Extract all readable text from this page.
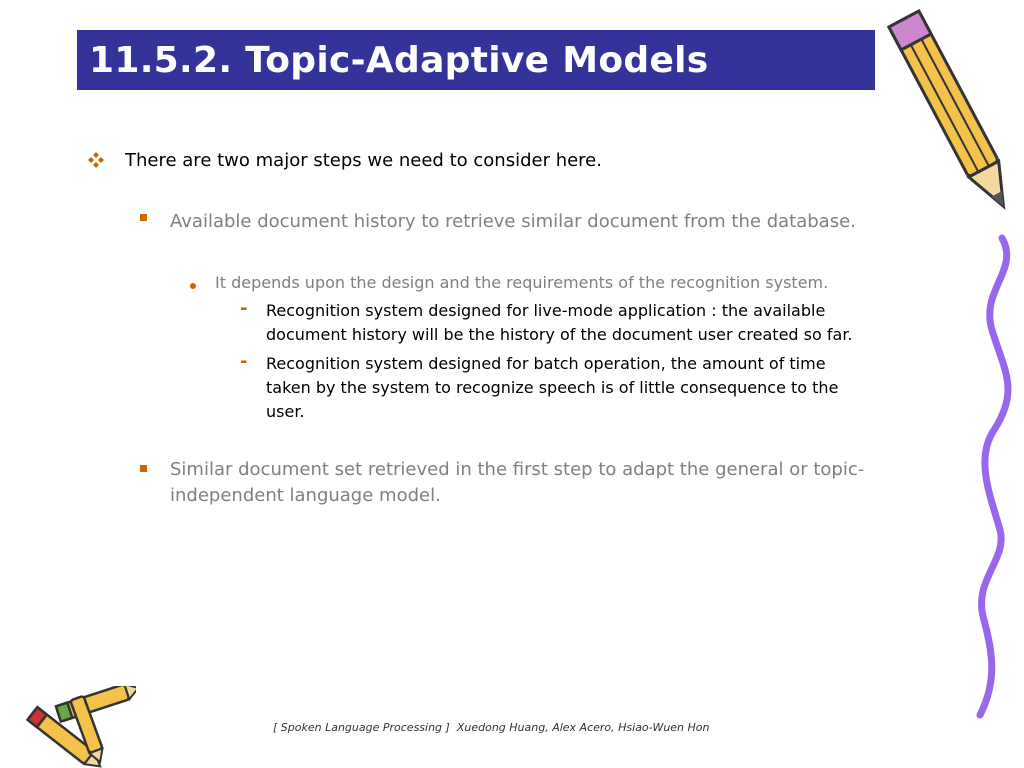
11.5.2. Topic-Adaptive Models
There are two major steps we need to consider here.
Available document history to retrieve similar document from the database.
It depends upon the design and the requirements of the recognition system.
- Recognition system designed for live-mode application : the available
document history will be the history of the document user created so far.
- Recognition system designed for batch operation, the amount of time
taken by the system to recognize speech is of little consequence to the
user.
Similar document set retrieved in the first step to adapt the general or topic-
independent language model.
[ Spoken Language Processing ]  Xuedong Huang, Alex Acero, Hsiao-Wuen Hon
